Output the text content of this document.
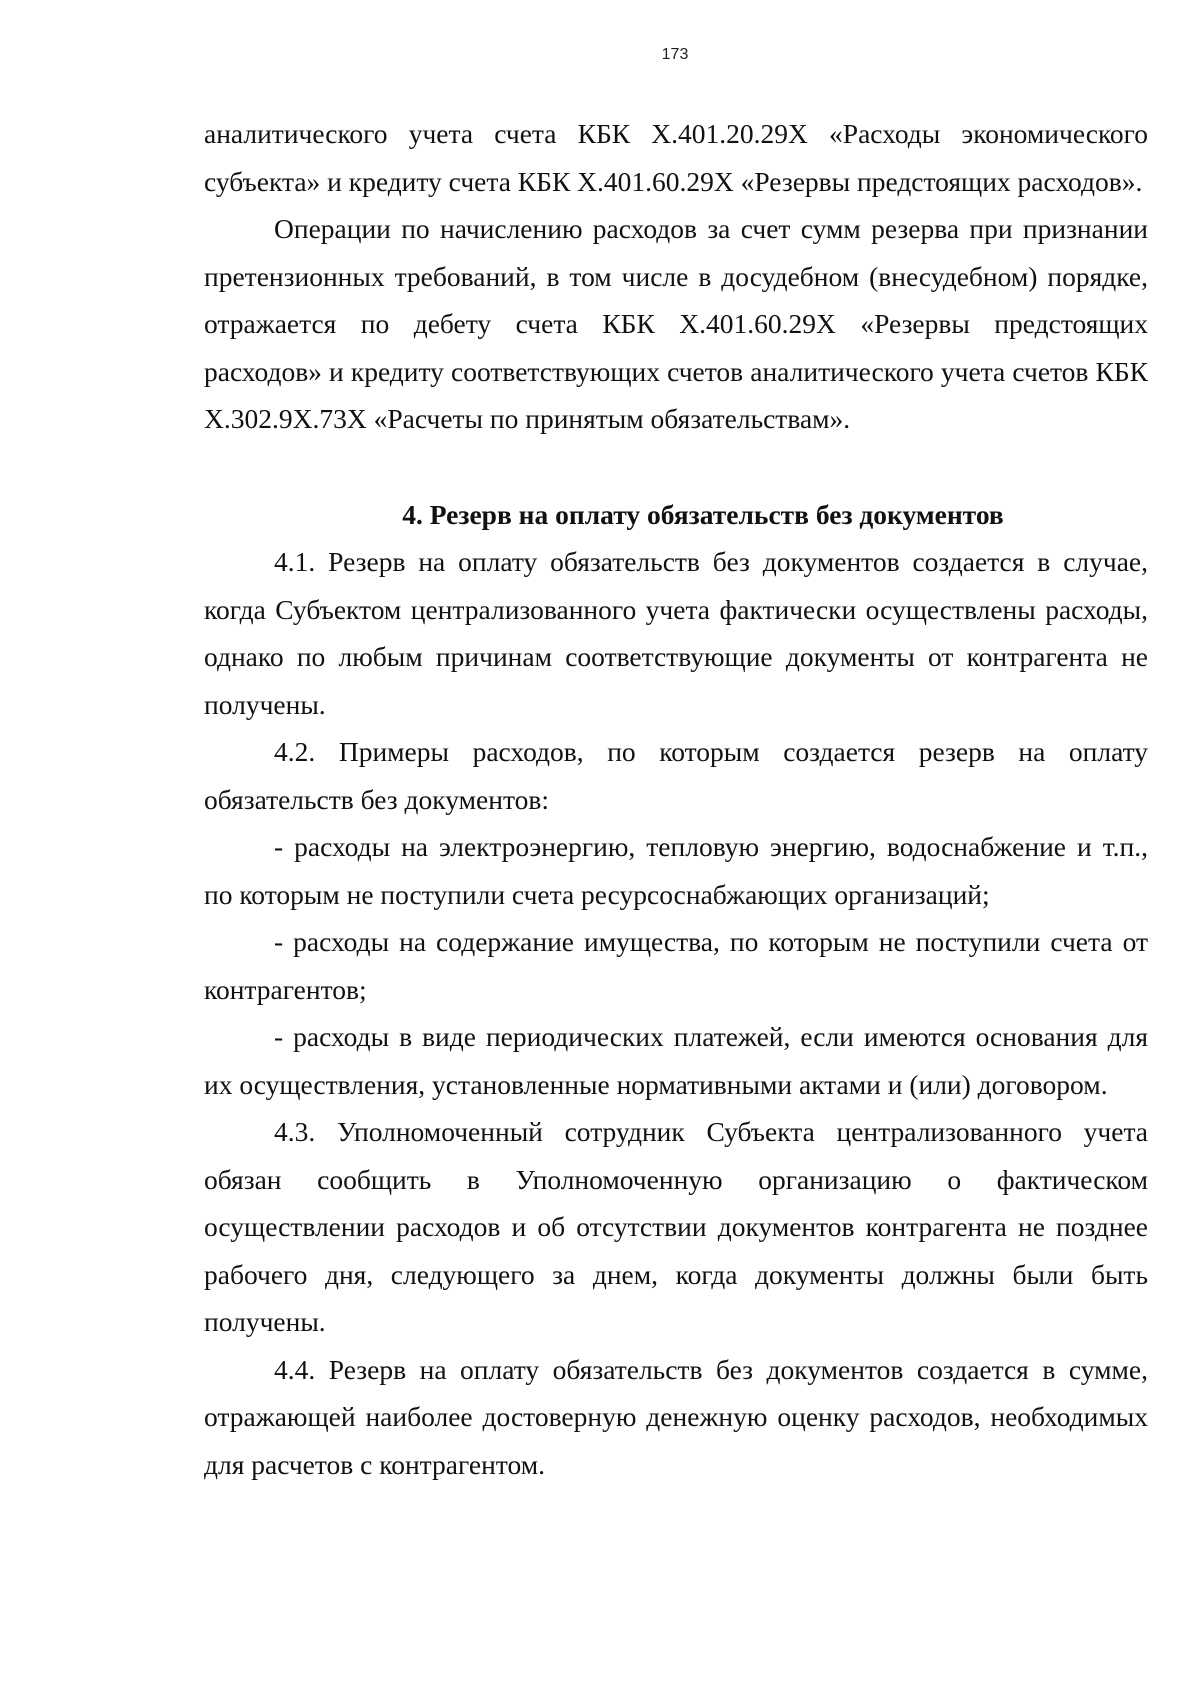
173

аналитического учета счета КБК Х.401.20.29Х «Расходы экономического субъекта» и кредиту счета КБК Х.401.60.29Х «Резервы предстоящих расходов».

Операции по начислению расходов за счет сумм резерва при признании претензионных требований, в том числе в досудебном (внесудебном) порядке, отражается по дебету счета КБК Х.401.60.29Х «Резервы предстоящих расходов» и кредиту соответствующих счетов аналитического учета счетов КБК Х.302.9Х.73Х «Расчеты по принятым обязательствам».

4. Резерв на оплату обязательств без документов

4.1. Резерв на оплату обязательств без документов создается в случае, когда Субъектом централизованного учета фактически осуществлены расходы, однако по любым причинам соответствующие документы от контрагента не получены.

4.2. Примеры расходов, по которым создается резерв на оплату обязательств без документов:

- расходы на электроэнергию, тепловую энергию, водоснабжение и т.п., по которым не поступили счета ресурсоснабжающих организаций;

- расходы на содержание имущества, по которым не поступили счета от контрагентов;

- расходы в виде периодических платежей, если имеются основания для их осуществления, установленные нормативными актами и (или) договором.

4.3. Уполномоченный сотрудник Субъекта централизованного учета обязан сообщить в Уполномоченную организацию о фактическом осуществлении расходов и об отсутствии документов контрагента не позднее рабочего дня, следующего за днем, когда документы должны были быть получены.

4.4. Резерв на оплату обязательств без документов создается в сумме, отражающей наиболее достоверную денежную оценку расходов, необходимых для расчетов с контрагентом.
